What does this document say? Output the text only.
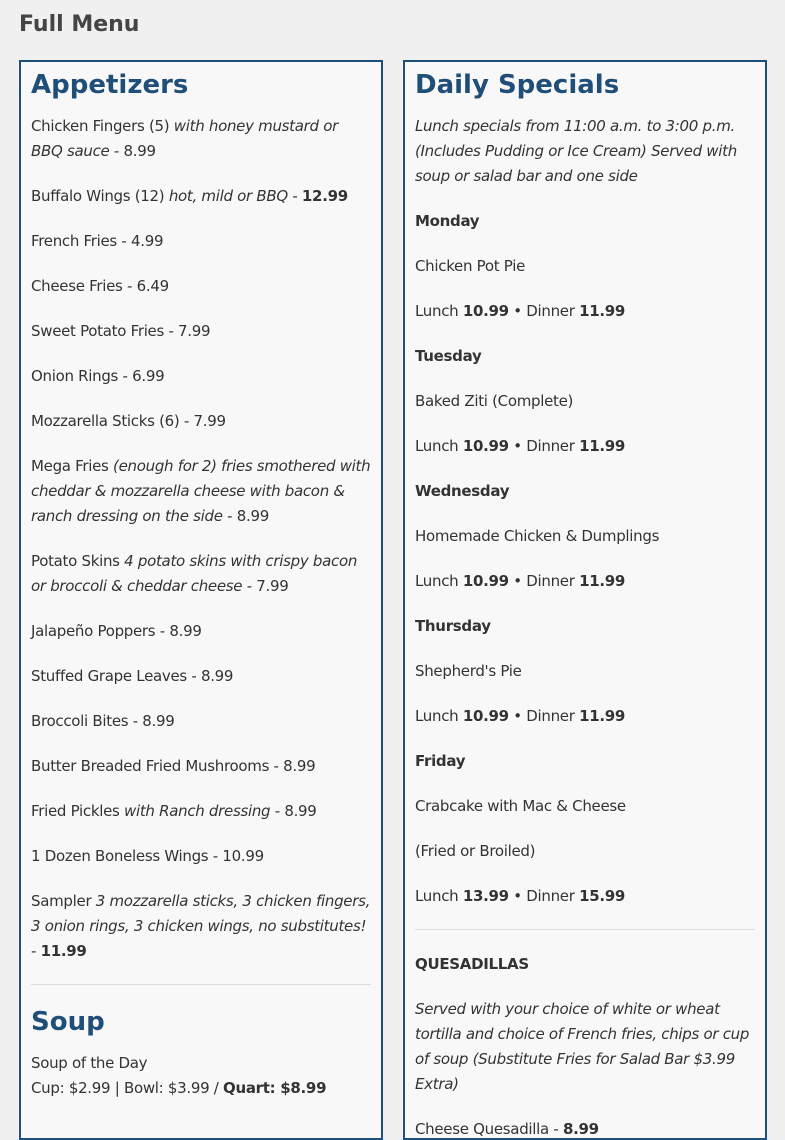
Full Menu
Appetizers

Chicken Fingers (5) with honey mustard or BBQ sauce - 8.99

Buffalo Wings (12) hot, mild or BBQ - 12.99

French Fries - 4.99

Cheese Fries - 6.49

Sweet Potato Fries - 7.99

Onion Rings - 6.99

Mozzarella Sticks (6) - 7.99

Mega Fries (enough for 2) fries smothered with cheddar & mozzarella cheese with bacon & ranch dressing on the side - 8.99

Potato Skins 4 potato skins with crispy bacon or broccoli & cheddar cheese - 7.99

Jalapeño Poppers - 8.99

Stuffed Grape Leaves - 8.99

Broccoli Bites - 8.99

Butter Breaded Fried Mushrooms - 8.99

Fried Pickles with Ranch dressing - 8.99

1 Dozen Boneless Wings - 10.99

Sampler 3 mozzarella sticks, 3 chicken fingers, 3 onion rings, 3 chicken wings, no substitutes! - 11.99

Soup

Soup of the Day
Cup: $2.99 | Bowl: $3.99 / Quart: $8.99

Daily Specials

Lunch specials from 11:00 a.m. to 3:00 p.m. (Includes Pudding or Ice Cream) Served with soup or salad bar and one side

Monday

Chicken Pot Pie

Lunch 10.99 • Dinner 11.99

Tuesday

Baked Ziti (Complete)

Lunch 10.99 • Dinner 11.99

Wednesday

Homemade Chicken & Dumplings

Lunch 10.99 • Dinner 11.99

Thursday

Shepherd's Pie

Lunch 10.99 • Dinner 11.99

Friday

Crabcake with Mac & Cheese

(Fried or Broiled)

Lunch 13.99 • Dinner 15.99

QUESADILLAS

Served with your choice of white or wheat tortilla and choice of French fries, chips or cup of soup (Substitute Fries for Salad Bar $3.99 Extra)

Cheese Quesadilla - 8.99
